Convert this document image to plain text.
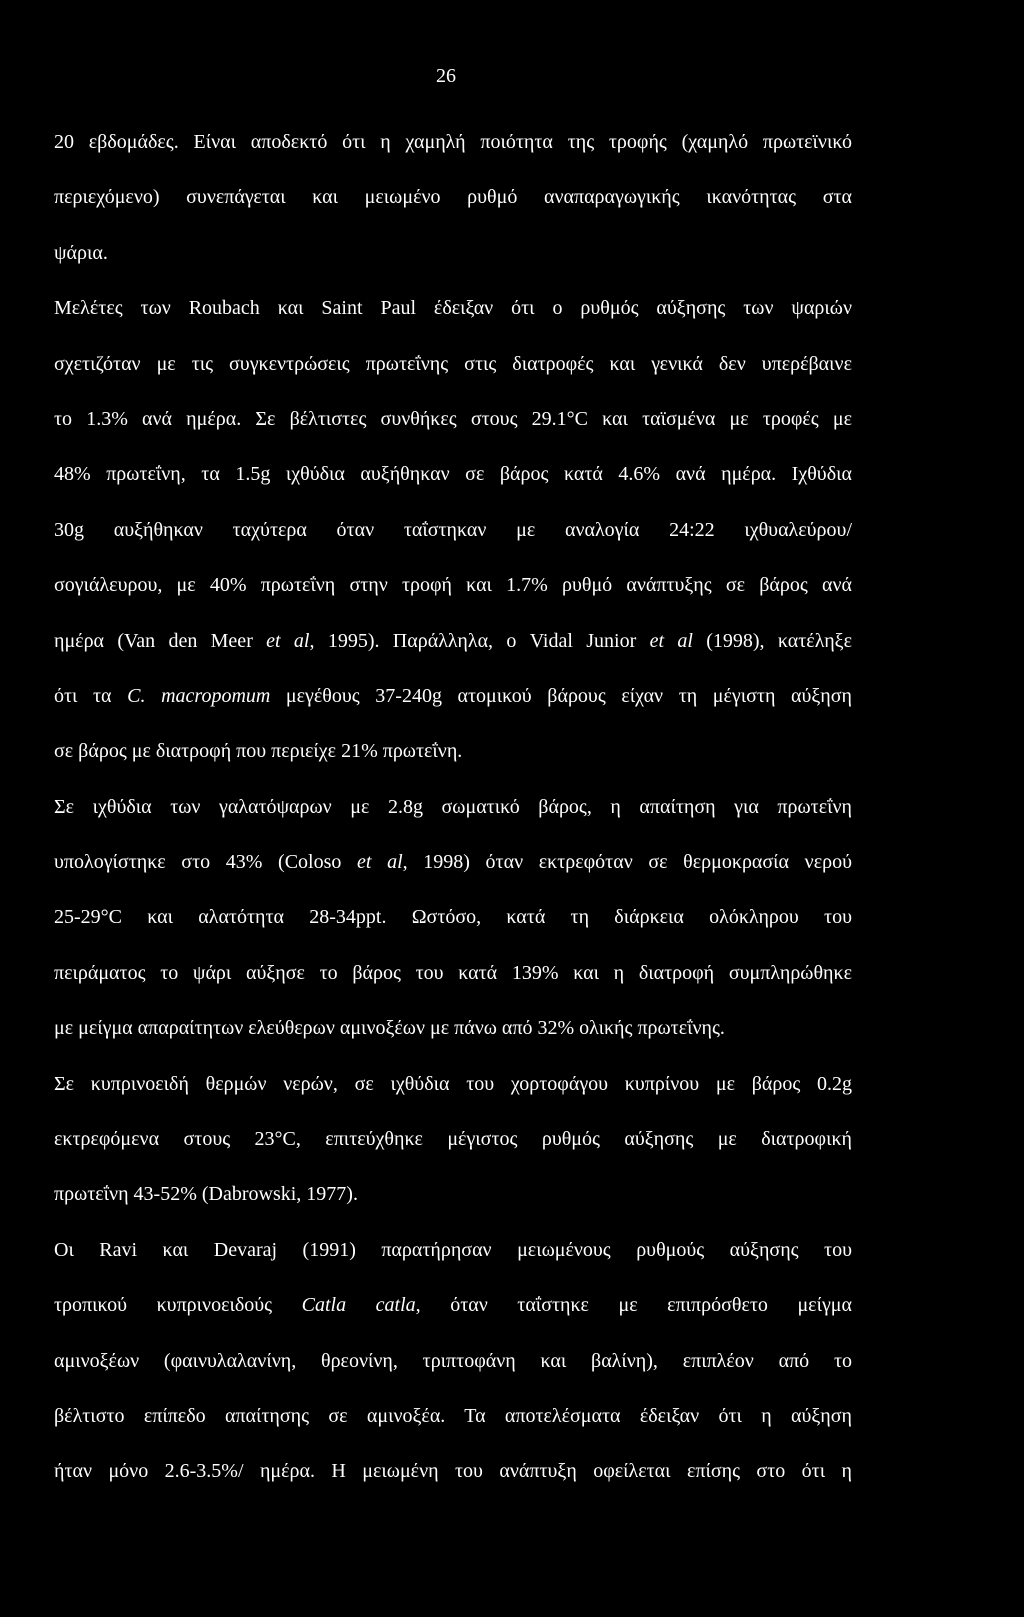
26
20 εβδομάδες. Είναι αποδεκτό ότι η χαμηλή ποιότητα της τροφής (χαμηλό πρωτεϊνικό
περιεχόμενο) συνεπάγεται και μειωμένο ρυθμό αναπαραγωγικής ικανότητας στα
ψάρια.
Μελέτες των Roubach και Saint Paul έδειξαν ότι ο ρυθμός αύξησης των ψαριών
σχετιζόταν με τις συγκεντρώσεις πρωτεΐνης στις διατροφές και γενικά δεν υπερέβαινε
το 1.3% ανά ημέρα. Σε βέλτιστες συνθήκες στους 29.1°C και ταϊσμένα με τροφές με
48% πρωτεΐνη, τα 1.5g ιχθύδια αυξήθηκαν σε βάρος κατά 4.6% ανά ημέρα. Ιχθύδια
30g αυξήθηκαν ταχύτερα όταν ταΐστηκαν με αναλογία 24:22 ιχθυαλεύρου/
σογιάλευρου, με 40% πρωτεΐνη στην τροφή και 1.7% ρυθμό ανάπτυξης σε βάρος ανά
ημέρα (Van den Meer et al, 1995). Παράλληλα, ο Vidal Junior et al (1998), κατέληξε
ότι τα C. macropomum μεγέθους 37-240g ατομικού βάρους είχαν τη μέγιστη αύξηση
σε βάρος με διατροφή που περιείχε 21% πρωτεΐνη.
Σε ιχθύδια των γαλατόψαρων με 2.8g σωματικό βάρος, η απαίτηση για πρωτεΐνη
υπολογίστηκε στο 43% (Coloso et al, 1998) όταν εκτρεφόταν σε θερμοκρασία νερού
25-29°C και αλατότητα 28-34ppt. Ωστόσο, κατά τη διάρκεια ολόκληρου του
πειράματος το ψάρι αύξησε το βάρος του κατά 139% και η διατροφή συμπληρώθηκε
με μείγμα απαραίτητων ελεύθερων αμινοξέων με πάνω από 32% ολικής πρωτεΐνης.
Σε κυπρινοειδή θερμών νερών, σε ιχθύδια του χορτοφάγου κυπρίνου με βάρος 0.2g
εκτρεφόμενα στους 23°C, επιτεύχθηκε μέγιστος ρυθμός αύξησης με διατροφική
πρωτεΐνη 43-52% (Dabrowski, 1977).
Οι Ravi και Devaraj (1991) παρατήρησαν μειωμένους ρυθμούς αύξησης του
τροπικού κυπρινοειδούς Catla catla, όταν ταΐστηκε με επιπρόσθετο μείγμα
αμινοξέων (φαινυλαλανίνη, θρεονίνη, τριπτοφάνη και βαλίνη), επιπλέον από το
βέλτιστο επίπεδο απαίτησης σε αμινοξέα. Τα αποτελέσματα έδειξαν ότι η αύξηση
ήταν μόνο 2.6-3.5%/ ημέρα. Η μειωμένη του ανάπτυξη οφείλεται επίσης στο ότι η
